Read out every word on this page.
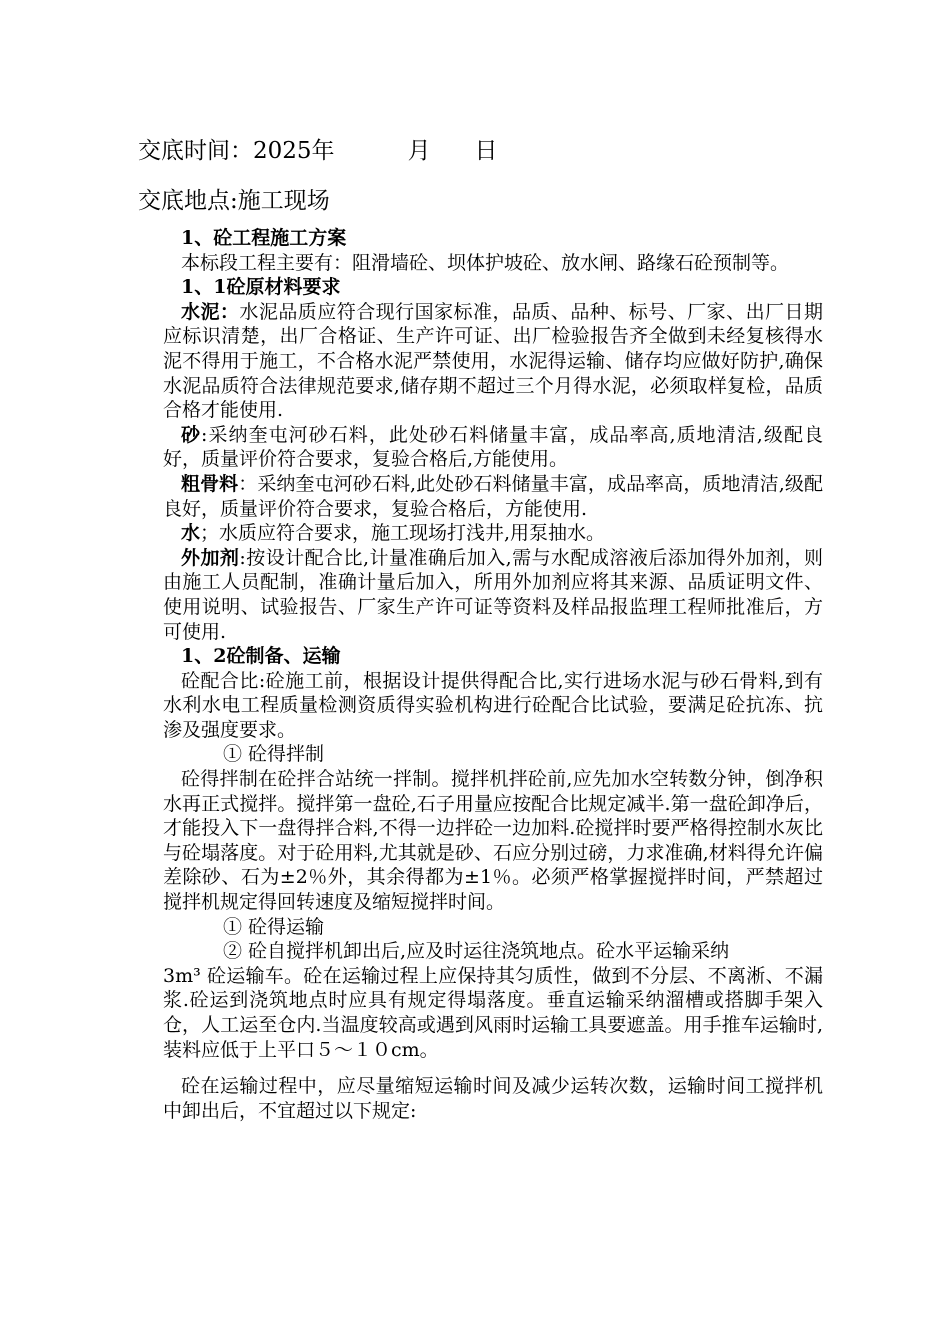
交底时间：2025年          月      日
交底地点:施工现场

1、砼工程施工方案

本标段工程主要有：阻滑墙砼、坝体护坡砼、放水闸、路缘石砼预制等。

1、1砼原材料要求

水泥：水泥品质应符合现行国家标准，品质、品种、标号、厂家、出厂日期应标识清楚，出厂合格证、生产许可证、出厂检验报告齐全做到未经复核得水泥不得用于施工，不合格水泥严禁使用，水泥得运输、储存均应做好防护,确保水泥品质符合法律规范要求,储存期不超过三个月得水泥，必须取样复检，品质合格才能使用.

砂:采纳奎屯河砂石料，此处砂石料储量丰富，成品率高,质地清洁,级配良好，质量评价符合要求，复验合格后,方能使用。

粗骨料：采纳奎屯河砂石料,此处砂石料储量丰富，成品率高，质地清洁,级配良好，质量评价符合要求，复验合格后，方能使用.

水；水质应符合要求，施工现场打浅井,用泵抽水。

外加剂:按设计配合比,计量准确后加入,需与水配成溶液后添加得外加剂，则由施工人员配制，准确计量后加入，所用外加剂应将其来源、品质证明文件、使用说明、试验报告、厂家生产许可证等资料及样品报监理工程师批准后，方可使用.

1、2砼制备、运输

砼配合比:砼施工前，根据设计提供得配合比,实行进场水泥与砂石骨料,到有水利水电工程质量检测资质得实验机构进行砼配合比试验，要满足砼抗冻、抗渗及强度要求。

① 砼得拌制

砼得拌制在砼拌合站统一拌制。搅拌机拌砼前,应先加水空转数分钟，倒净积水再正式搅拌。搅拌第一盘砼,石子用量应按配合比规定减半.第一盘砼卸净后，才能投入下一盘得拌合料,不得一边拌砼一边加料.砼搅拌时要严格得控制水灰比与砼塌落度。对于砼用料,尤其就是砂、石应分别过磅，力求准确,材料得允许偏差除砂、石为±2％外，其余得都为±1％。必须严格掌握搅拌时间，严禁超过搅拌机规定得回转速度及缩短搅拌时间。

① 砼得运输

② 砼自搅拌机卸出后,应及时运往浇筑地点。砼水平运输采纳

3m³ 砼运输车。砼在运输过程上应保持其匀质性，做到不分层、不离淅、不漏浆.砼运到浇筑地点时应具有规定得塌落度。垂直运输采纳溜槽或搭脚手架入仓，人工运至仓内.当温度较高或遇到风雨时运输工具要遮盖。用手推车运输时,装料应低于上平口５～１０cm。

砼在运输过程中，应尽量缩短运输时间及减少运转次数，运输时间工搅拌机中卸出后，不宜超过以下规定:
